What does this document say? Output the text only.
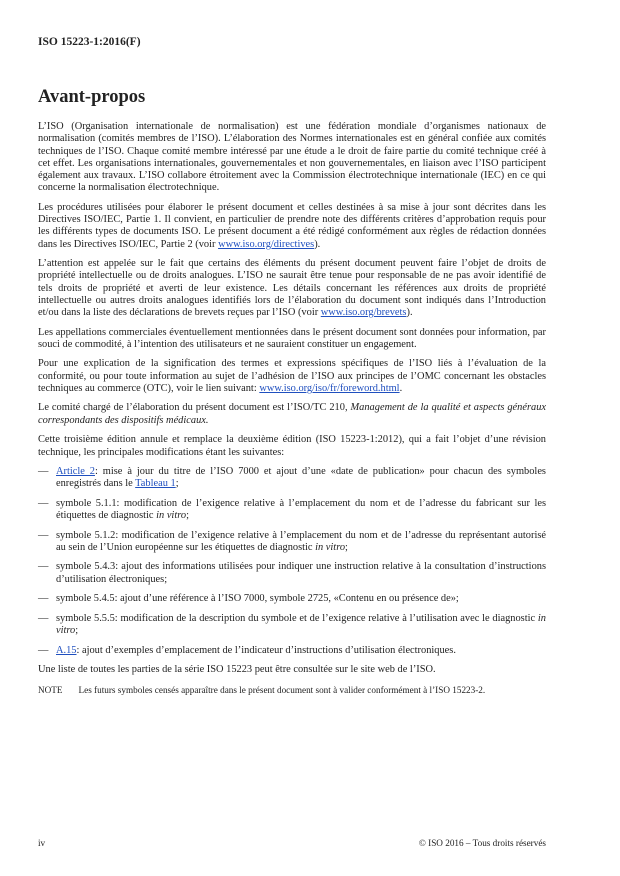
ISO 15223-1:2016(F)
Avant-propos

L’ISO (Organisation internationale de normalisation) est une fédération mondiale d’organismes nationaux de normalisation (comités membres de l’ISO). L’élaboration des Normes internationales est en général confiée aux comités techniques de l’ISO. Chaque comité membre intéressé par une étude a le droit de faire partie du comité technique créé à cet effet. Les organisations internationales, gouvernementales et non gouvernementales, en liaison avec l’ISO participent également aux travaux. L’ISO collabore étroitement avec la Commission électrotechnique internationale (IEC) en ce qui concerne la normalisation électrotechnique.

Les procédures utilisées pour élaborer le présent document et celles destinées à sa mise à jour sont décrites dans les Directives ISO/IEC, Partie 1. Il convient, en particulier de prendre note des différents critères d’approbation requis pour les différents types de documents ISO. Le présent document a été rédigé conformément aux règles de rédaction données dans les Directives ISO/IEC, Partie 2 (voir www.iso.org/directives).

L’attention est appelée sur le fait que certains des éléments du présent document peuvent faire l’objet de droits de propriété intellectuelle ou de droits analogues. L’ISO ne saurait être tenue pour responsable de ne pas avoir identifié de tels droits de propriété et averti de leur existence. Les détails concernant les références aux droits de propriété intellectuelle ou autres droits analogues identifiés lors de l’élaboration du document sont indiqués dans l’Introduction et/ou dans la liste des déclarations de brevets reçues par l’ISO (voir www.iso.org/brevets).

Les appellations commerciales éventuellement mentionnées dans le présent document sont données pour information, par souci de commodité, à l’intention des utilisateurs et ne sauraient constituer un engagement.

Pour une explication de la signification des termes et expressions spécifiques de l’ISO liés à l’évaluation de la conformité, ou pour toute information au sujet de l’adhésion de l’ISO aux principes de l’OMC concernant les obstacles techniques au commerce (OTC), voir le lien suivant: www.iso.org/iso/fr/foreword.html.

Le comité chargé de l’élaboration du présent document est l’ISO/TC 210, Management de la qualité et aspects généraux correspondants des dispositifs médicaux.

Cette troisième édition annule et remplace la deuxième édition (ISO 15223-1:2012), qui a fait l’objet d’une révision technique, les principales modifications étant les suivantes:

— Article 2: mise à jour du titre de l’ISO 7000 et ajout d’une «date de publication» pour chacun des symboles enregistrés dans le Tableau 1;
— symbole 5.1.1: modification de l’exigence relative à l’emplacement du nom et de l’adresse du fabricant sur les étiquettes de diagnostic in vitro;
— symbole 5.1.2: modification de l’exigence relative à l’emplacement du nom et de l’adresse du représentant autorisé au sein de l’Union européenne sur les étiquettes de diagnostic in vitro;
— symbole 5.4.3: ajout des informations utilisées pour indiquer une instruction relative à la consultation d’instructions d’utilisation électroniques;
— symbole 5.4.5: ajout d’une référence à l’ISO 7000, symbole 2725, «Contenu en ou présence de»;
— symbole 5.5.5: modification de la description du symbole et de l’exigence relative à l’utilisation avec le diagnostic in vitro;
— A.15: ajout d’exemples d’emplacement de l’indicateur d’instructions d’utilisation électroniques.

Une liste de toutes les parties de la série ISO 15223 peut être consultée sur le site web de l’ISO.

NOTE Les futurs symboles censés apparaître dans le présent document sont à valider conformément à l’ISO 15223-2.
iv	© ISO 2016 – Tous droits réservés
